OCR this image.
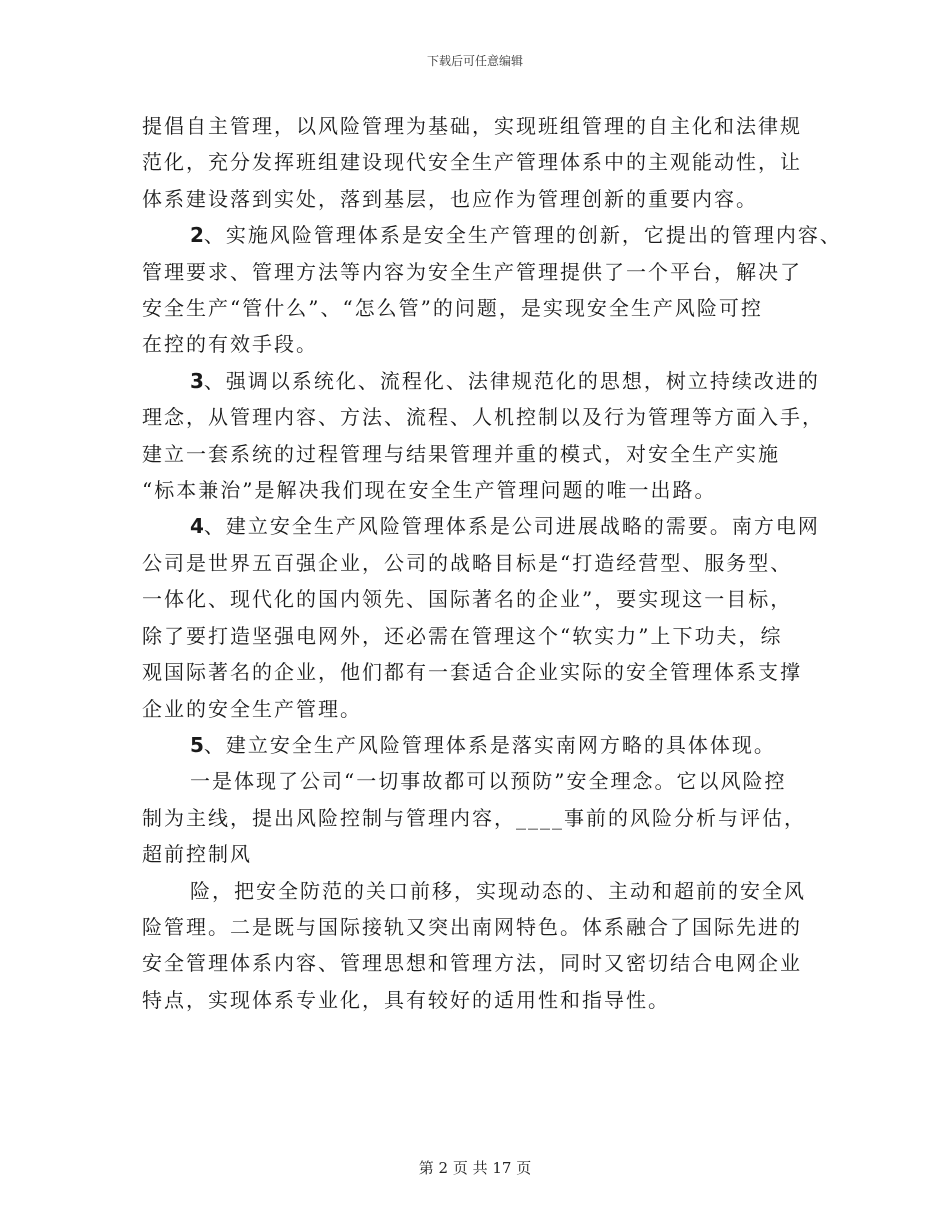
下载后可任意编辑

提倡自主管理，以风险管理为基础，实现班组管理的自主化和法律规
范化，充分发挥班组建设现代安全生产管理体系中的主观能动性，让
体系建设落到实处，落到基层，也应作为管理创新的重要内容。
2、实施风险管理体系是安全生产管理的创新，它提出的管理内容、
管理要求、管理方法等内容为安全生产管理提供了一个平台，解决了
安全生产“管什么”、“怎么管”的问题，是实现安全生产风险可控
在控的有效手段。
3、强调以系统化、流程化、法律规范化的思想，树立持续改进的
理念，从管理内容、方法、流程、人机控制以及行为管理等方面入手，
建立一套系统的过程管理与结果管理并重的模式，对安全生产实施
“标本兼治”是解决我们现在安全生产管理问题的唯一出路。
4、建立安全生产风险管理体系是公司进展战略的需要。南方电网
公司是世界五百强企业，公司的战略目标是“打造经营型、服务型、
一体化、现代化的国内领先、国际著名的企业”，要实现这一目标，
除了要打造坚强电网外，还必需在管理这个“软实力”上下功夫，综
观国际著名的企业，他们都有一套适合企业实际的安全管理体系支撑
企业的安全生产管理。
5、建立安全生产风险管理体系是落实南网方略的具体体现。
一是体现了公司“一切事故都可以预防”安全理念。它以风险控
制为主线，提出风险控制与管理内容，____事前的风险分析与评估，
超前控制风
险，把安全防范的关口前移，实现动态的、主动和超前的安全风
险管理。二是既与国际接轨又突出南网特色。体系融合了国际先进的
安全管理体系内容、管理思想和管理方法，同时又密切结合电网企业
特点，实现体系专业化，具有较好的适用性和指导性。

第 2 页 共 17 页
